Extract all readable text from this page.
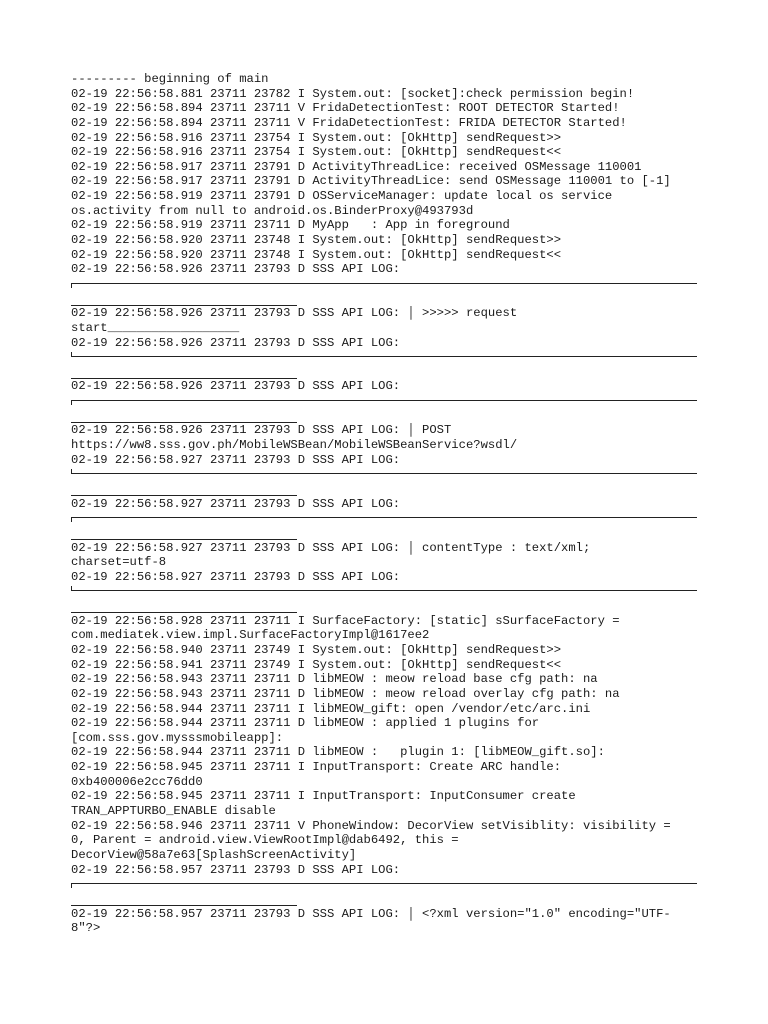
--------- beginning of main
02-19 22:56:58.881 23711 23782 I System.out: [socket]:check permission begin!
02-19 22:56:58.894 23711 23711 V FridaDetectionTest: ROOT DETECTOR Started!
02-19 22:56:58.894 23711 23711 V FridaDetectionTest: FRIDA DETECTOR Started!
02-19 22:56:58.916 23711 23754 I System.out: [OkHttp] sendRequest>>
02-19 22:56:58.916 23711 23754 I System.out: [OkHttp] sendRequest<<
02-19 22:56:58.917 23711 23791 D ActivityThreadLice: received OSMessage 110001
02-19 22:56:58.917 23711 23791 D ActivityThreadLice: send OSMessage 110001 to [-1]
02-19 22:56:58.919 23711 23791 D OSServiceManager: update local os service
os.activity from null to android.os.BinderProxy@493793d
02-19 22:56:58.919 23711 23711 D MyApp   : App in foreground
02-19 22:56:58.920 23711 23748 I System.out: [OkHttp] sendRequest>>
02-19 22:56:58.920 23711 23748 I System.out: [OkHttp] sendRequest<<
02-19 22:56:58.926 23711 23793 D SSS API LOG:
02-19 22:56:58.926 23711 23793 D SSS API LOG: │ >>>>> request
start__________________
02-19 22:56:58.926 23711 23793 D SSS API LOG:
02-19 22:56:58.926 23711 23793 D SSS API LOG:
02-19 22:56:58.926 23711 23793 D SSS API LOG: │ POST
https://ww8.sss.gov.ph/MobileWSBean/MobileWSBeanService?wsdl/
02-19 22:56:58.927 23711 23793 D SSS API LOG:
02-19 22:56:58.927 23711 23793 D SSS API LOG:
02-19 22:56:58.927 23711 23793 D SSS API LOG: │ contentType : text/xml;
charset=utf-8
02-19 22:56:58.927 23711 23793 D SSS API LOG:
02-19 22:56:58.928 23711 23711 I SurfaceFactory: [static] sSurfaceFactory =
com.mediatek.view.impl.SurfaceFactoryImpl@1617ee2
02-19 22:56:58.940 23711 23749 I System.out: [OkHttp] sendRequest>>
02-19 22:56:58.941 23711 23749 I System.out: [OkHttp] sendRequest<<
02-19 22:56:58.943 23711 23711 D libMEOW : meow reload base cfg path: na
02-19 22:56:58.943 23711 23711 D libMEOW : meow reload overlay cfg path: na
02-19 22:56:58.944 23711 23711 I libMEOW_gift: open /vendor/etc/arc.ini
02-19 22:56:58.944 23711 23711 D libMEOW : applied 1 plugins for
[com.sss.gov.mysssmobileapp]:
02-19 22:56:58.944 23711 23711 D libMEOW :   plugin 1: [libMEOW_gift.so]:
02-19 22:56:58.945 23711 23711 I InputTransport: Create ARC handle:
0xb400006e2cc76dd0
02-19 22:56:58.945 23711 23711 I InputTransport: InputConsumer create
TRAN_APPTURBO_ENABLE disable
02-19 22:56:58.946 23711 23711 V PhoneWindow: DecorView setVisiblity: visibility =
0, Parent = android.view.ViewRootImpl@dab6492, this =
DecorView@58a7e63[SplashScreenActivity]
02-19 22:56:58.957 23711 23793 D SSS API LOG:
02-19 22:56:58.957 23711 23793 D SSS API LOG: │ <?xml version="1.0" encoding="UTF-
8"?>
